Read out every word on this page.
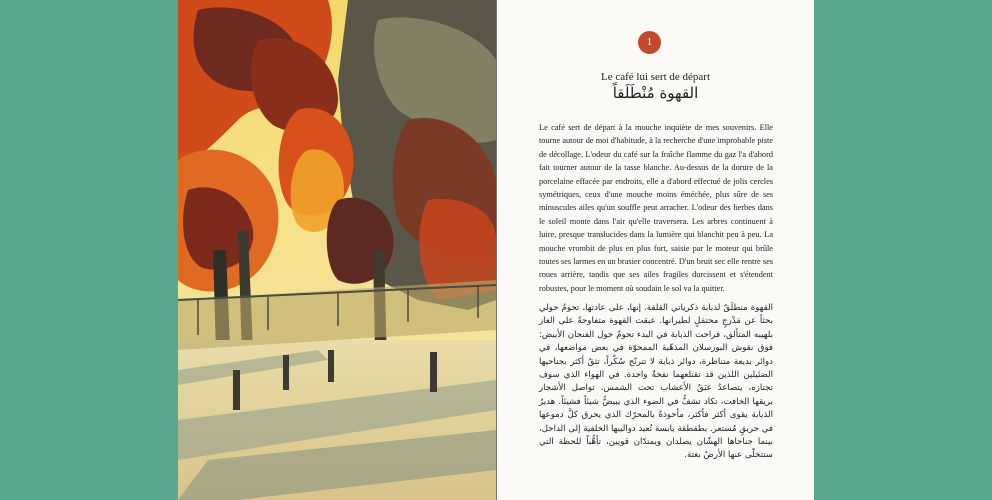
1
Le café lui sert de départ
القهوة مُنْطَلَقاً
Le café sert de départ à la mouche inquiète de mes souvenirs. Elle tourne autour de moi d'habitude, à la recherche d'une improbable piste de décollage. L'odeur du café sur la fraîche flamme du gaz l'a d'abord fait tourner autour de la tasse blanche. Au-dessus de la dorure de la porcelaine effacée par endroits, elle a d'abord effectué de jolis cercles symétriques, ceux d'une mouche moins éméchée, plus sûre de ses minuscules ailes qu'un souffle peut arracher. L'odeur des herbes dans le soleil monte dans l'air qu'elle traversera. Les arbres continuent à luire, presque translucides dans la lumière qui blanchit peu à peu. La mouche vrombit de plus en plus fort, saisie par le moteur qui brûle toutes ses larmes en un brasier concentré. D'un bruit sec elle rentre ses roues arrière, tandis que ses ailes fragiles durcissent et s'étendent robustes, pour le moment où soudain le sol va la quitter.
القهوة منطلَقٌ لذبابة ذكرياتي القلقة. إنها، على عادتها، تحومُ حولي بحثاً عن مَدْرجٍ محتمَلٍ لطيرانها. عبقت القهوة متفاوحةً على الغاز بلهيبه المتألق، فراحت الذبابة في البدء تحومُ حول الفنجان الأبيض: فوق نقوش البورسلان المذهّبة الممحوّة في بعض مواضعها، في دوائر بديعة متناظرة، دوائر ذبابة لا تترنّح سُكْراً، تثقُ أكثر بجناحيها الضئيلين اللذين قد تقتلعهما نفخةٌ واحدة. في الهواء الذي سوف تجتازه، يتصاعدُ عبَقُ الأعشاب تحت الشمس. تواصل الأشجار بريقها الخافت، تكاد تشفُّ في الضوء الذي يبيضُّ شيئاً فشيئاً. هديرُ الذبابة يقوى أكثر فأكثر، مأخوذةً بالمحرّك الذي يحرق كلَّ دموعها في حريقٍ مُستعر. بطقطقة يابسة تُعيد دواليبها الخلفية إلى الداخل، بينما جناحاها الهشّان يصلدان ويمتدّان قويين، تأهُّباً للحظة التي ستتخلّى عنها الأرضُ بغتة.
